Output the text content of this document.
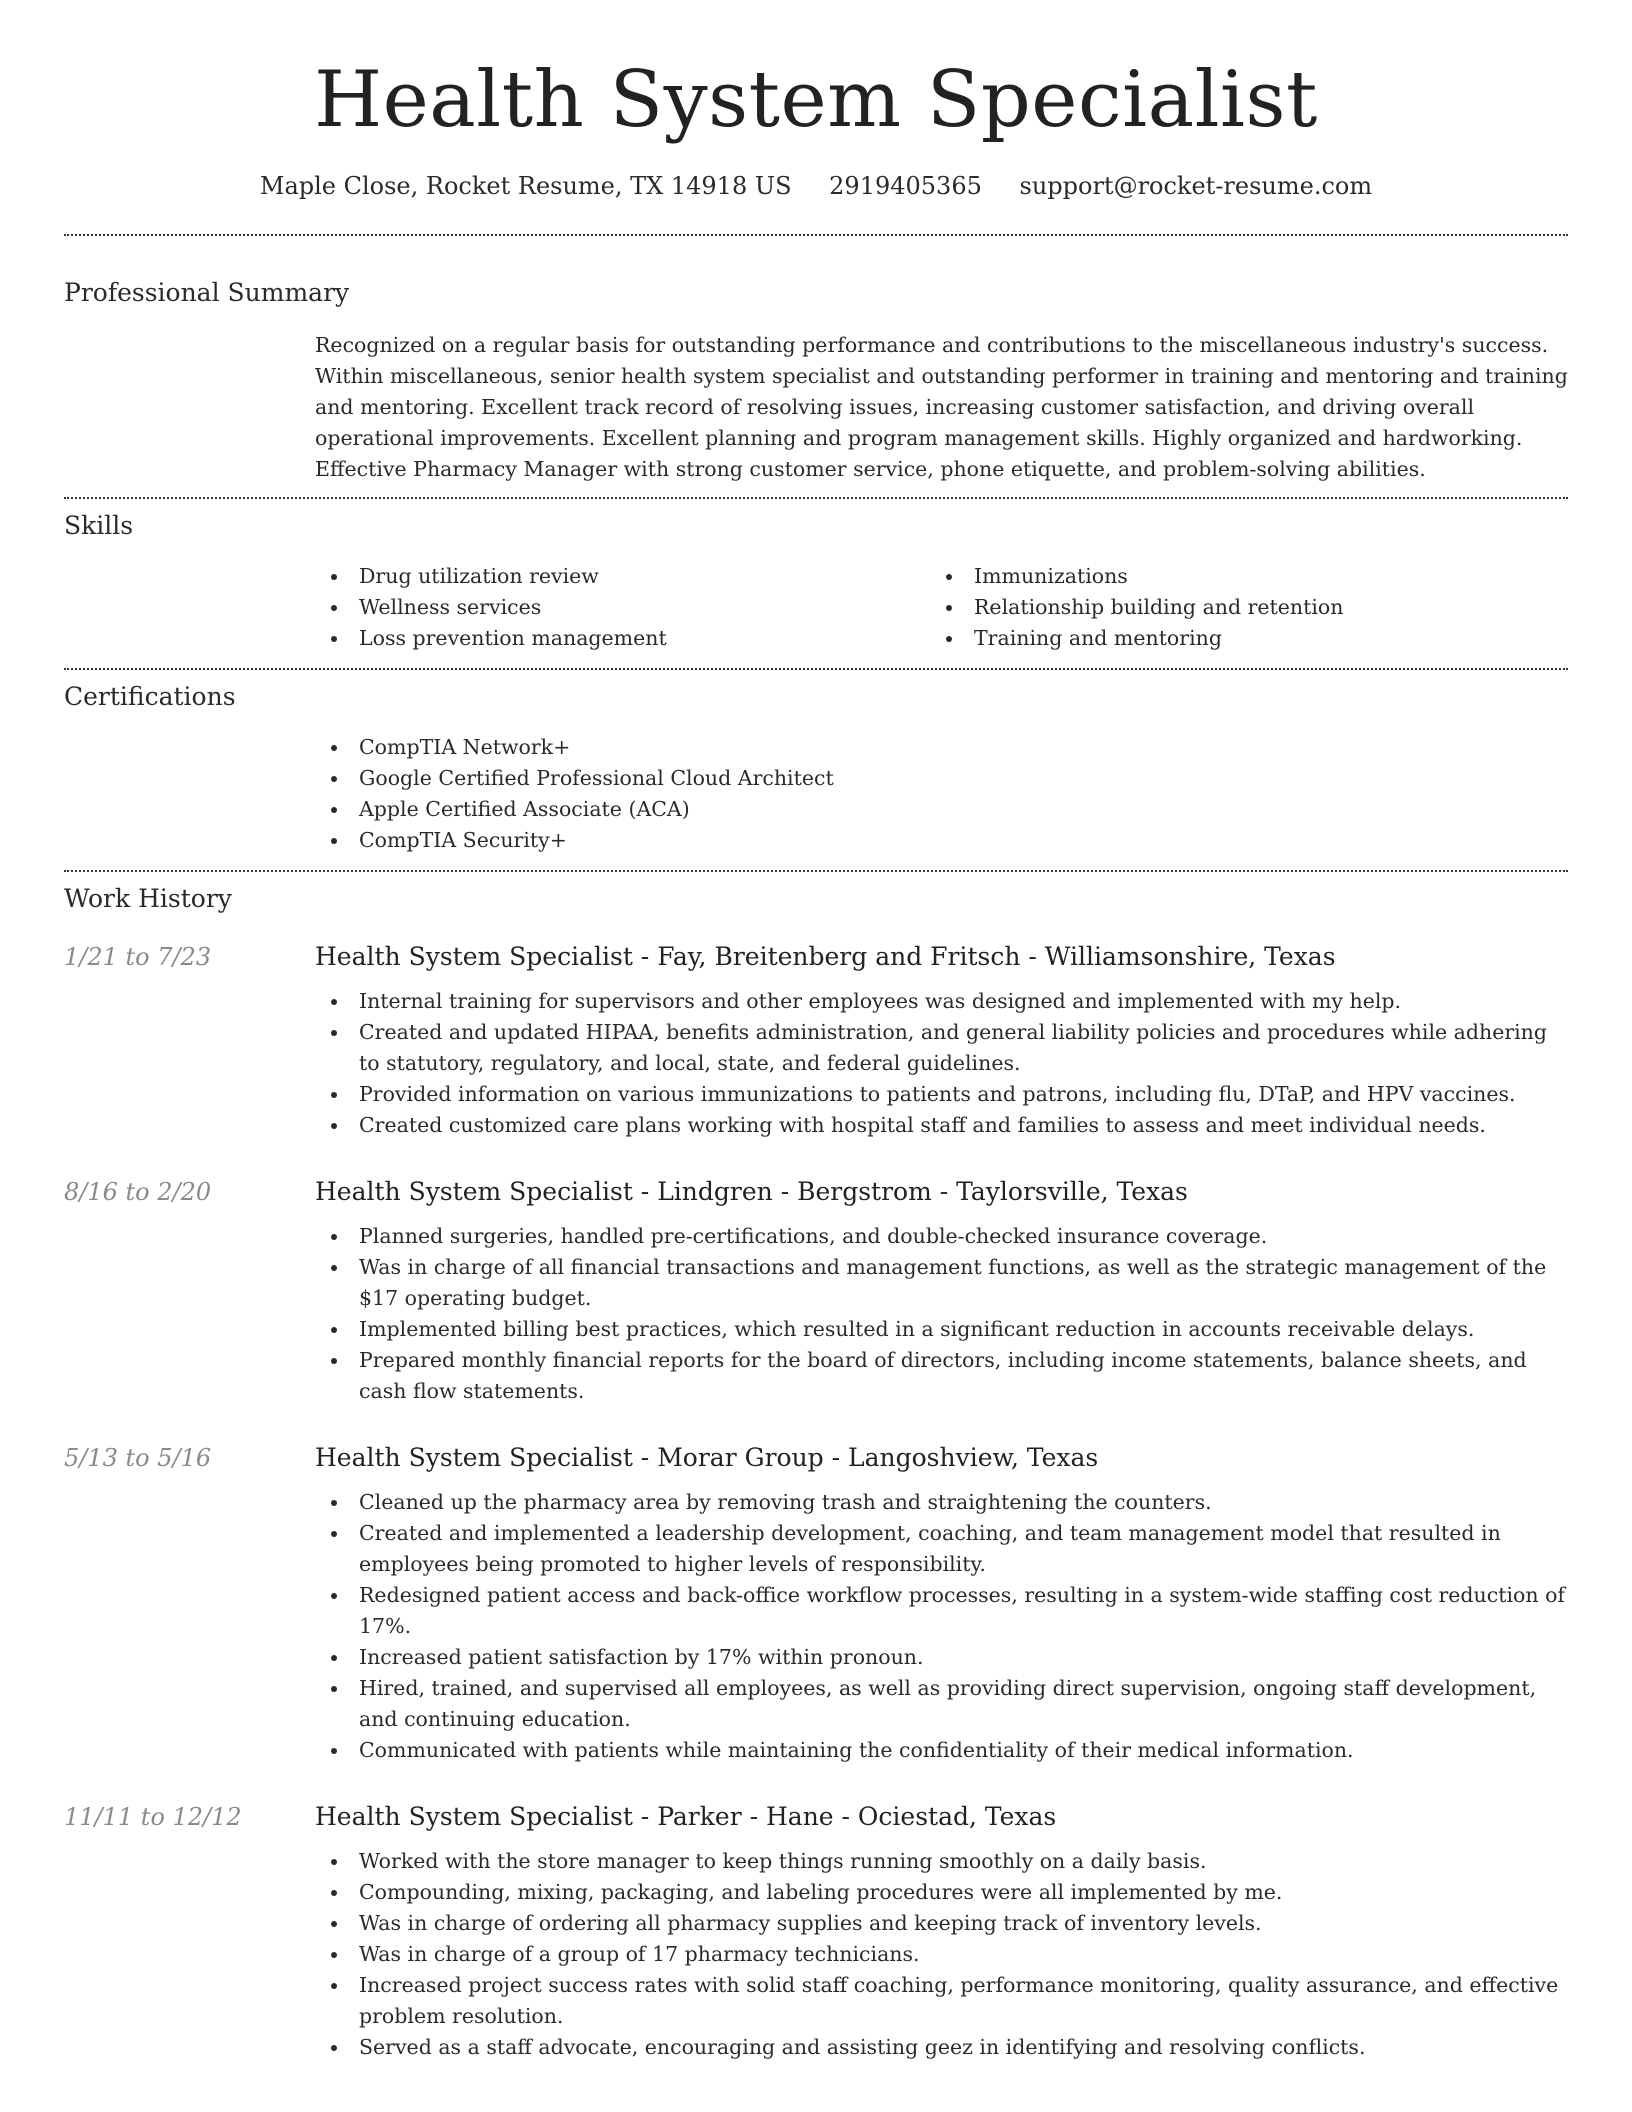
Health System Specialist
Maple Close, Rocket Resume, TX 14918 US 2919405365 support@rocket-resume.com
Professional Summary

Recognized on a regular basis for outstanding performance and contributions to the miscellaneous industry's success. Within miscellaneous, senior health system specialist and outstanding performer in training and mentoring and training and mentoring. Excellent track record of resolving issues, increasing customer satisfaction, and driving overall operational improvements. Excellent planning and program management skills. Highly organized and hardworking. Effective Pharmacy Manager with strong customer service, phone etiquette, and problem-solving abilities.

Skills
Drug utilization review
Wellness services
Loss prevention management
Immunizations
Relationship building and retention
Training and mentoring
Certifications
CompTIA Network+
Google Certified Professional Cloud Architect
Apple Certified Associate (ACA)
CompTIA Security+
Work History
1/21 to 7/23	Health System Specialist - Fay, Breitenberg and Fritsch - Williamsonshire, Texas
Internal training for supervisors and other employees was designed and implemented with my help.
Created and updated HIPAA, benefits administration, and general liability policies and procedures while adhering to statutory, regulatory, and local, state, and federal guidelines.
Provided information on various immunizations to patients and patrons, including flu, DTaP, and HPV vaccines.
Created customized care plans working with hospital staff and families to assess and meet individual needs.
8/16 to 2/20	Health System Specialist - Lindgren - Bergstrom - Taylorsville, Texas
Planned surgeries, handled pre-certifications, and double-checked insurance coverage.
Was in charge of all financial transactions and management functions, as well as the strategic management of the $17 operating budget.
Implemented billing best practices, which resulted in a significant reduction in accounts receivable delays.
Prepared monthly financial reports for the board of directors, including income statements, balance sheets, and cash flow statements.
5/13 to 5/16	Health System Specialist - Morar Group - Langoshview, Texas
Cleaned up the pharmacy area by removing trash and straightening the counters.
Created and implemented a leadership development, coaching, and team management model that resulted in employees being promoted to higher levels of responsibility.
Redesigned patient access and back-office workflow processes, resulting in a system-wide staffing cost reduction of 17%.
Increased patient satisfaction by 17% within pronoun.
Hired, trained, and supervised all employees, as well as providing direct supervision, ongoing staff development, and continuing education.
Communicated with patients while maintaining the confidentiality of their medical information.
11/11 to 12/12	Health System Specialist - Parker - Hane - Ociestad, Texas
Worked with the store manager to keep things running smoothly on a daily basis.
Compounding, mixing, packaging, and labeling procedures were all implemented by me.
Was in charge of ordering all pharmacy supplies and keeping track of inventory levels.
Was in charge of a group of 17 pharmacy technicians.
Increased project success rates with solid staff coaching, performance monitoring, quality assurance, and effective problem resolution.
Served as a staff advocate, encouraging and assisting geez in identifying and resolving conflicts.
